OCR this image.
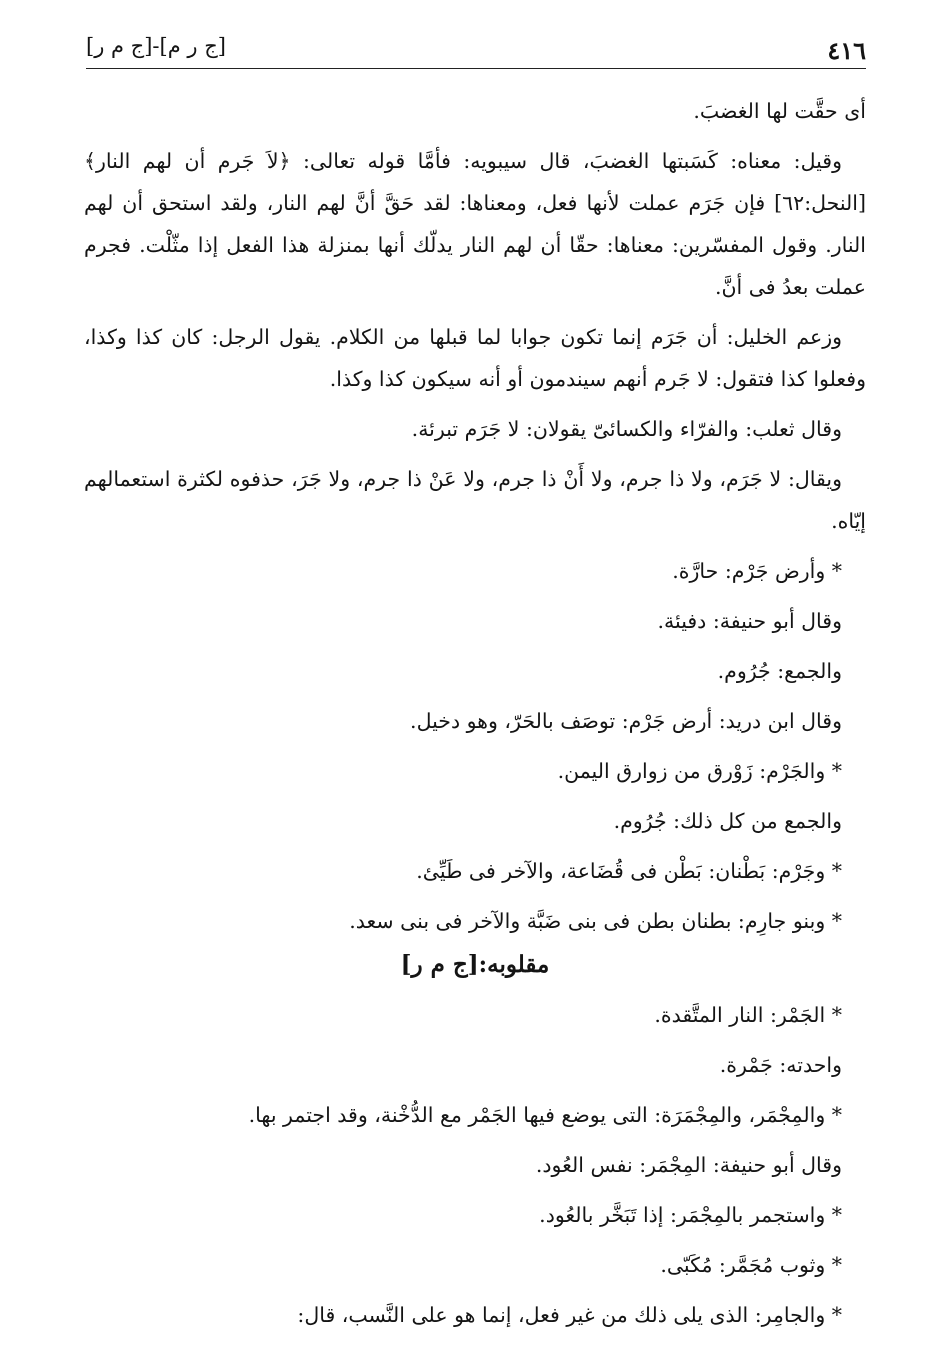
٤١٦
[ج ر م]-[ج م ر]

أى حقَّت لها الغضبَ.

وقيل: معناه: كَسَبتها الغضبَ، قال سيبويه: فأمَّا قوله تعالى: ﴿لاَ جَرم أن لهم النار﴾ [النحل:٦٢] فإن جَرَم عملت لأنها فعل، ومعناها: لقد حَقَّ أنَّ لهم النار، ولقد استحق أن لهم النار. وقول المفسّرين: معناها: حقّا أن لهم النار يدلّك أنها بمنزلة هذا الفعل إذا مثّلْت. فجرم عملت بعدُ فى أنَّ.

وزعم الخليل: أن جَرَم إنما تكون جوابا لما قبلها من الكلام. يقول الرجل: كان كذا وكذا، وفعلوا كذا فتقول: لا جَرم أنهم سيندمون أو أنه سيكون كذا وكذا.

وقال ثعلب: والفرّاء والكسائىّ يقولان: لا جَرَم تبرئة.

ويقال: لا جَرَم، ولا ذا جرم، ولا أَنْ ذا جرم، ولا عَنْ ذا جرم، ولا جَرَ، حذفوه لكثرة استعمالهم إيّاه.

* وأرض جَرْم: حارَّة.

وقال أبو حنيفة: دفيئة.

والجمع: جُرُوم.

وقال ابن دريد: أرض جَرْم: توصَف بالحَرّ، وهو دخيل.

* والجَرْم: زَوْرق من زوارق اليمن.

والجمع من كل ذلك: جُرُوم.

* وجَرْم: بَطْنان: بَطْن فى قُضَاعة، والآخر فى طَيِّئ.

* وبنو جارِم: بطنان بطن فى بنى ضَبَّة والآخر فى بنى سعد.

مقلوبه:[ج م ر]

* الجَمْر: النار المتَّقدة.

واحدته: جَمْرة.

* والمِجْمَر، والمِجْمَرَة: التى يوضع فيها الجَمْر مع الدُّخْنة، وقد اجتمر بها.

وقال أبو حنيفة: المِجْمَر: نفس العُود.

* واستجمر بالمِجْمَر: إذا تَبَخَّر بالعُود.

* وثوب مُجَمَّر: مُكَبّى.

* والجامِر: الذى يلى ذلك من غير فعل، إنما هو على النَّسب، قال:
